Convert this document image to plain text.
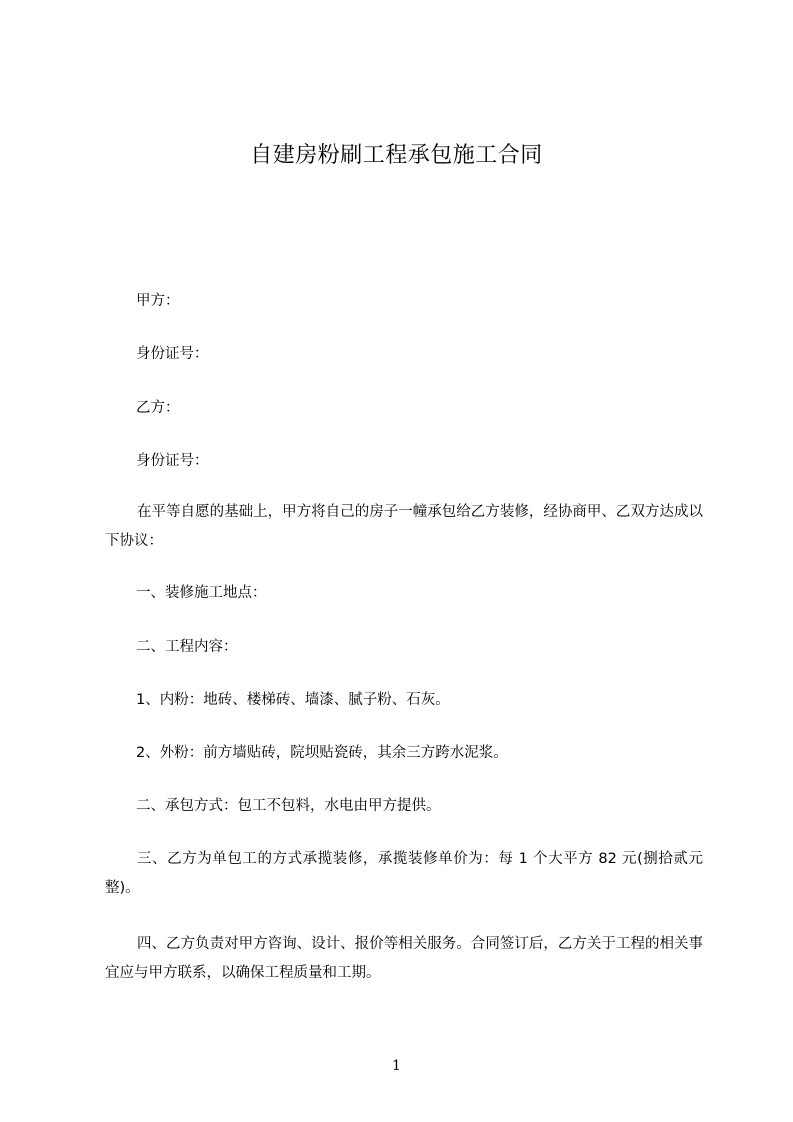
自建房粉刷工程承包施工合同
甲方：
身份证号：
乙方：
身份证号：
在平等自愿的基础上，甲方将自己的房子一幢承包给乙方装修，经协商甲、乙双方达成以下协议：
一、装修施工地点：
二、工程内容：
1、内粉：地砖、楼梯砖、墙漆、腻子粉、石灰。
2、外粉：前方墙贴砖，院坝贴瓷砖，其余三方跨水泥浆。
二、承包方式：包工不包料，水电由甲方提供。
三、乙方为单包工的方式承揽装修，承揽装修单价为：每 1 个大平方 82 元(捌拾贰元整)。
四、乙方负责对甲方咨询、设计、报价等相关服务。合同签订后，乙方关于工程的相关事宜应与甲方联系，以确保工程质量和工期。
1
